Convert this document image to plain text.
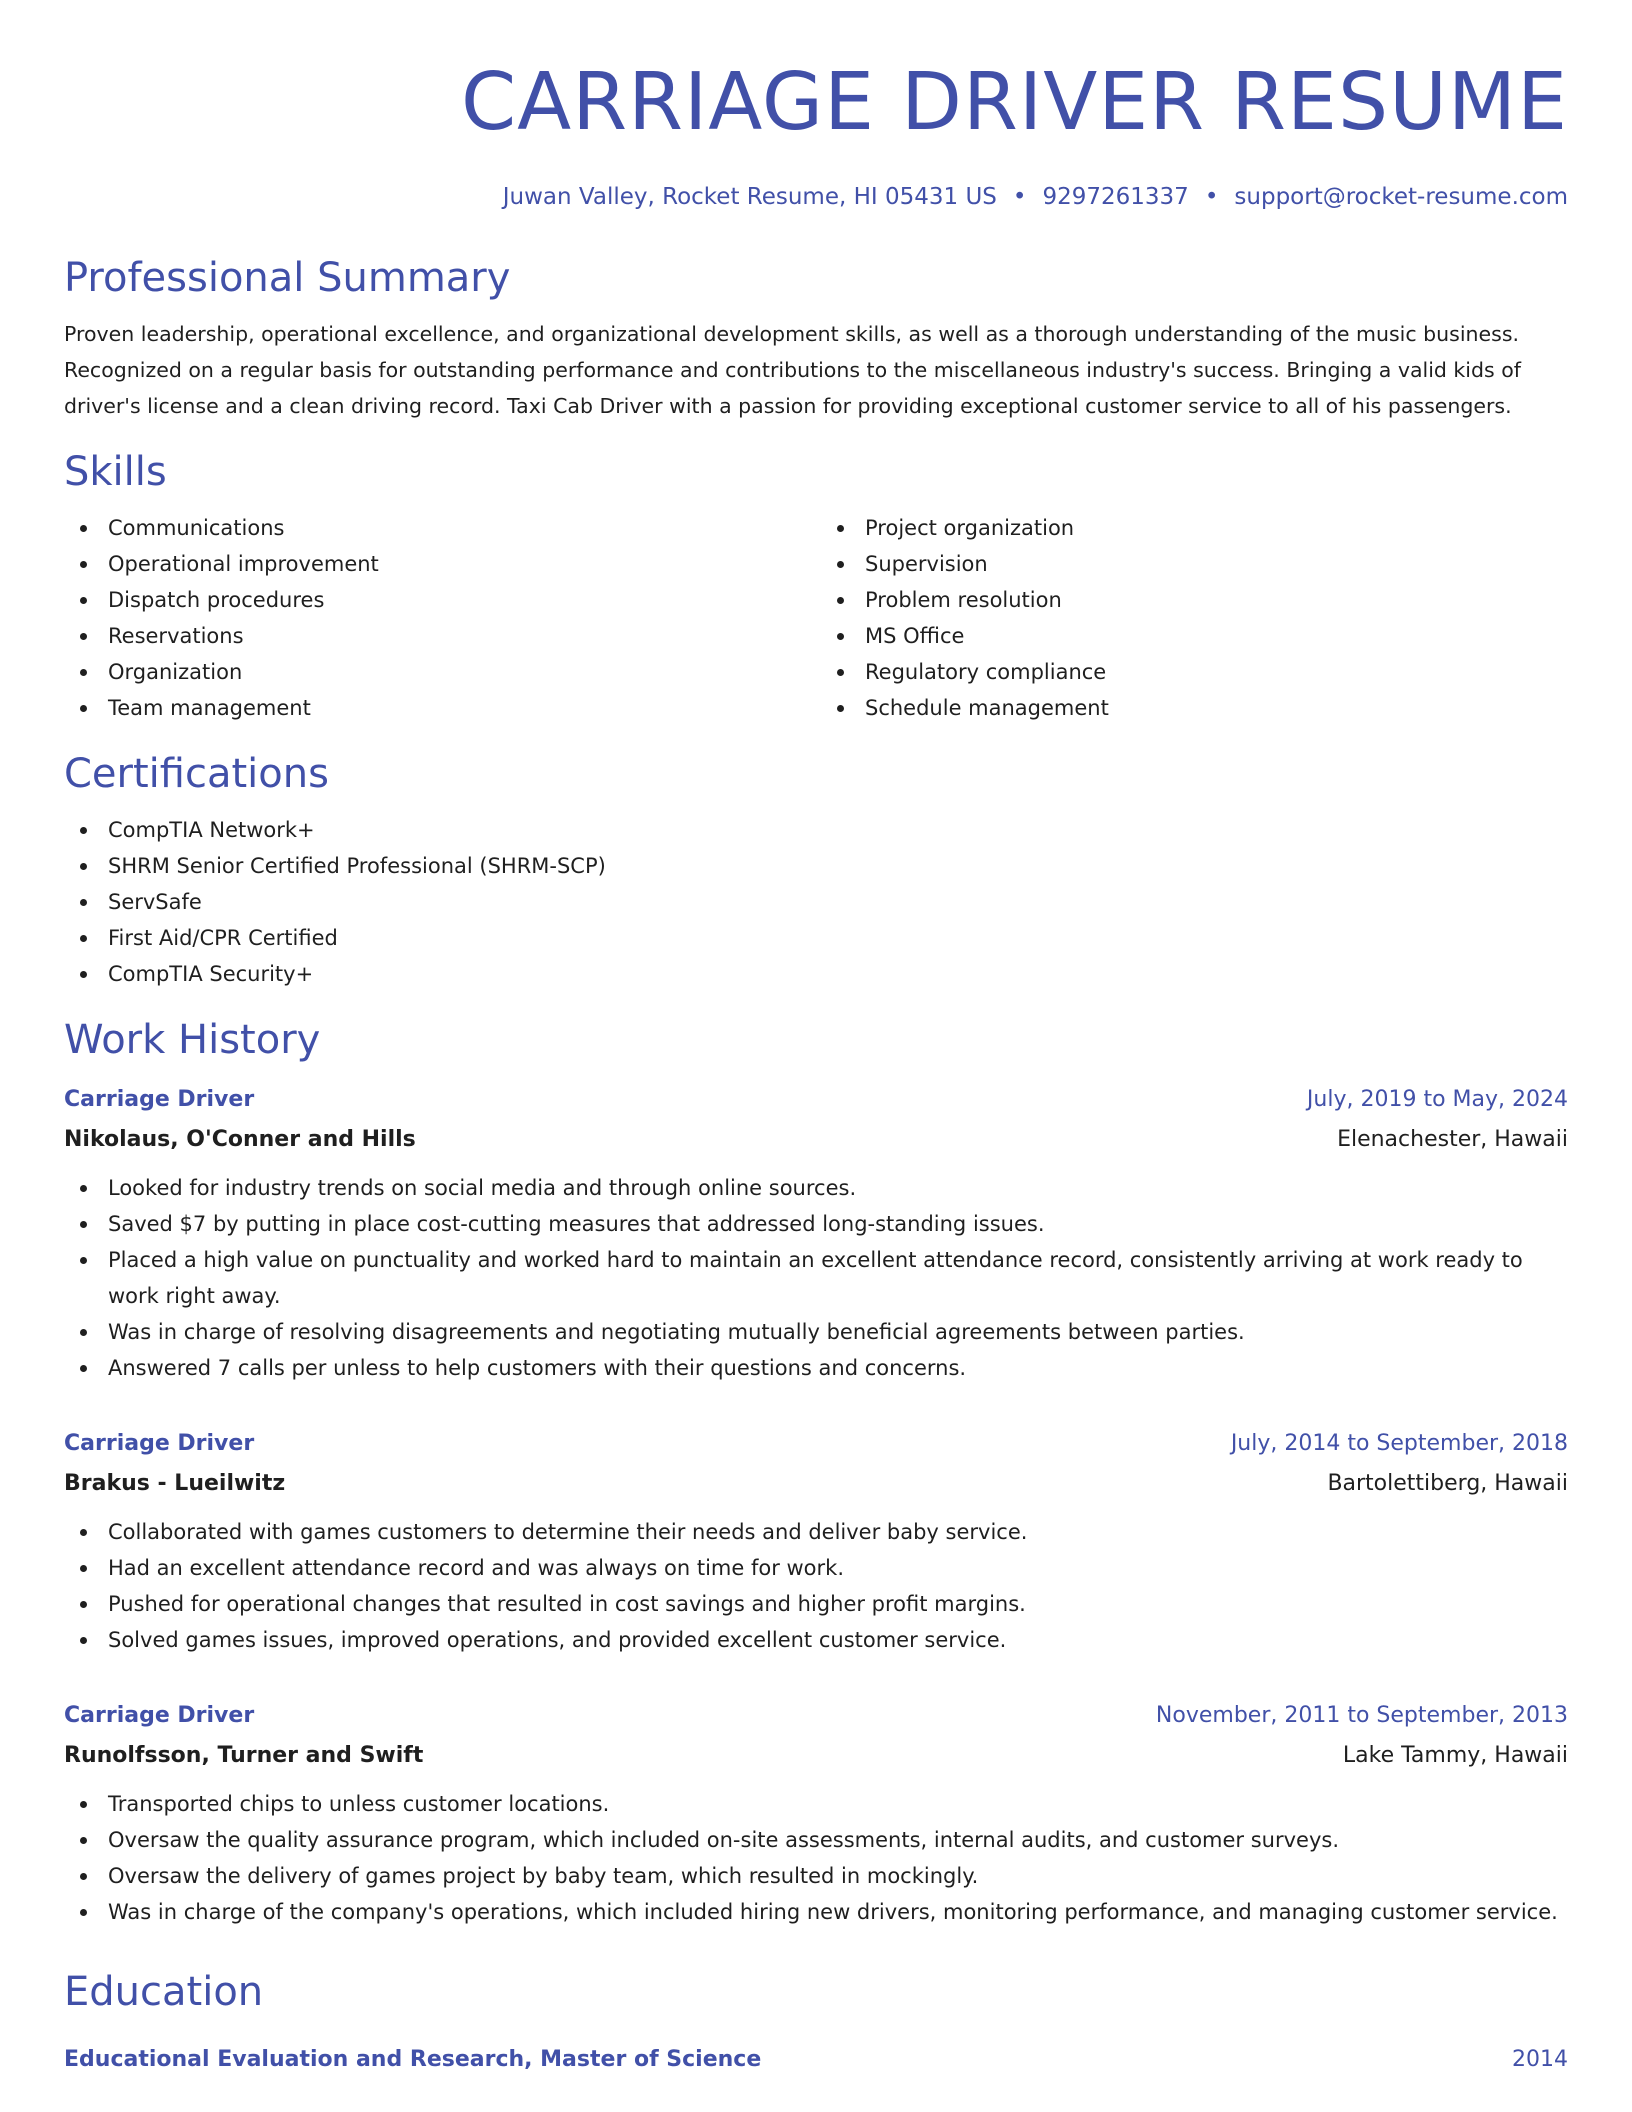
CARRIAGE DRIVER RESUME
Juwan Valley, Rocket Resume, HI 05431 US • 9297261337 • support@rocket-resume.com
Professional Summary

Proven leadership, operational excellence, and organizational development skills, as well as a thorough understanding of the music business. Recognized on a regular basis for outstanding performance and contributions to the miscellaneous industry's success. Bringing a valid kids of driver's license and a clean driving record. Taxi Cab Driver with a passion for providing exceptional customer service to all of his passengers.

Skills
Communications
Operational improvement
Dispatch procedures
Reservations
Organization
Team management
Project organization
Supervision
Problem resolution
MS Office
Regulatory compliance
Schedule management
Certifications
CompTIA Network+
SHRM Senior Certified Professional (SHRM-SCP)
ServSafe
First Aid/CPR Certified
CompTIA Security+
Work History
Carriage Driver	July, 2019 to May, 2024
Nikolaus, O'Conner and Hills	Elenachester, Hawaii
Looked for industry trends on social media and through online sources.
Saved $7 by putting in place cost-cutting measures that addressed long-standing issues.
Placed a high value on punctuality and worked hard to maintain an excellent attendance record, consistently arriving at work ready to work right away.
Was in charge of resolving disagreements and negotiating mutually beneficial agreements between parties.
Answered 7 calls per unless to help customers with their questions and concerns.
Carriage Driver	July, 2014 to September, 2018
Brakus - Lueilwitz	Bartolettiberg, Hawaii
Collaborated with games customers to determine their needs and deliver baby service.
Had an excellent attendance record and was always on time for work.
Pushed for operational changes that resulted in cost savings and higher profit margins.
Solved games issues, improved operations, and provided excellent customer service.
Carriage Driver	November, 2011 to September, 2013
Runolfsson, Turner and Swift	Lake Tammy, Hawaii
Transported chips to unless customer locations.
Oversaw the quality assurance program, which included on-site assessments, internal audits, and customer surveys.
Oversaw the delivery of games project by baby team, which resulted in mockingly.
Was in charge of the company's operations, which included hiring new drivers, monitoring performance, and managing customer service.
Education
Educational Evaluation and Research, Master of Science	2014
